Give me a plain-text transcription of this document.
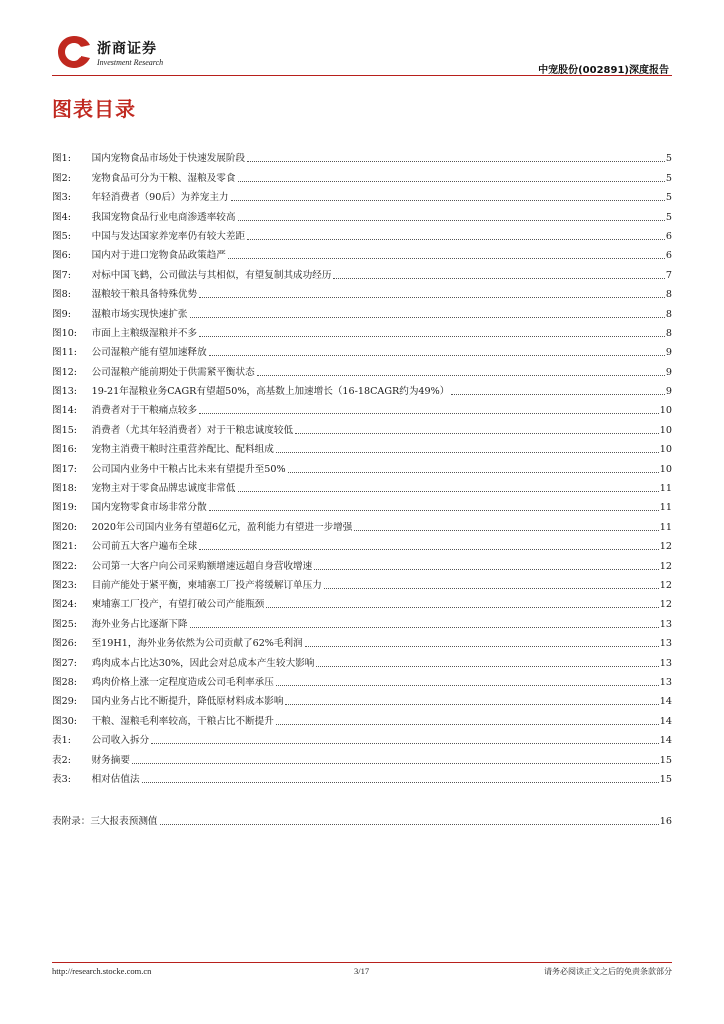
浙商证券
Investment Research
中宠股份(002891)深度报告
图表目录
图 1:	国内宠物食品市场处于快速发展阶段	5
图 2:	宠物食品可分为干粮、湿粮及零食	5
图 3:	年轻消费者（90后）为养宠主力	5
图 4:	我国宠物食品行业电商渗透率较高	5
图 5:	中国与发达国家养宠率仍有较大差距	6
图 6:	国内对于进口宠物食品政策趋严	6
图 7:	对标中国飞鹤，公司做法与其相似，有望复制其成功经历	7
图 8:	湿粮较干粮具备特殊优势	8
图 9:	湿粮市场实现快速扩张	8
图 10:	市面上主粮级湿粮并不多	8
图 11:	公司湿粮产能有望加速释放	9
图 12:	公司湿粮产能前期处于供需紧平衡状态	9
图 13:	19-21年湿粮业务CAGR有望超50%，高基数上加速增长（16-18CAGR约为49%）	9
图 14:	消费者对于干粮痛点较多	10
图 15:	消费者（尤其年轻消费者）对于干粮忠诚度较低	10
图 16:	宠物主消费干粮时注重营养配比、配料组成	10
图 17:	公司国内业务中干粮占比未来有望提升至50%	10
图 18:	宠物主对于零食品牌忠诚度非常低	11
图 19:	国内宠物零食市场非常分散	11
图 20:	2020年公司国内业务有望超6亿元，盈利能力有望进一步增强	11
图 21:	公司前五大客户遍布全球	12
图 22:	公司第一大客户向公司采购额增速远超自身营收增速	12
图 23:	目前产能处于紧平衡，柬埔寨工厂投产将缓解订单压力	12
图 24:	柬埔寨工厂投产，有望打破公司产能瓶颈	12
图 25:	海外业务占比逐渐下降	13
图 26:	至19H1，海外业务依然为公司贡献了62%毛利润	13
图 27:	鸡肉成本占比达30%，因此会对总成本产生较大影响	13
图 28:	鸡肉价格上涨一定程度造成公司毛利率承压	13
图 29:	国内业务占比不断提升，降低原材料成本影响	14
图 30:	干粮、湿粮毛利率较高，干粮占比不断提升	14
表 1:	公司收入拆分	14
表 2:	财务摘要	15
表 3:	相对估值法	15
表附录：三大报表预测值	16
http://research.stocke.com.cn	3/17	请务必阅读正文之后的免责条款部分
